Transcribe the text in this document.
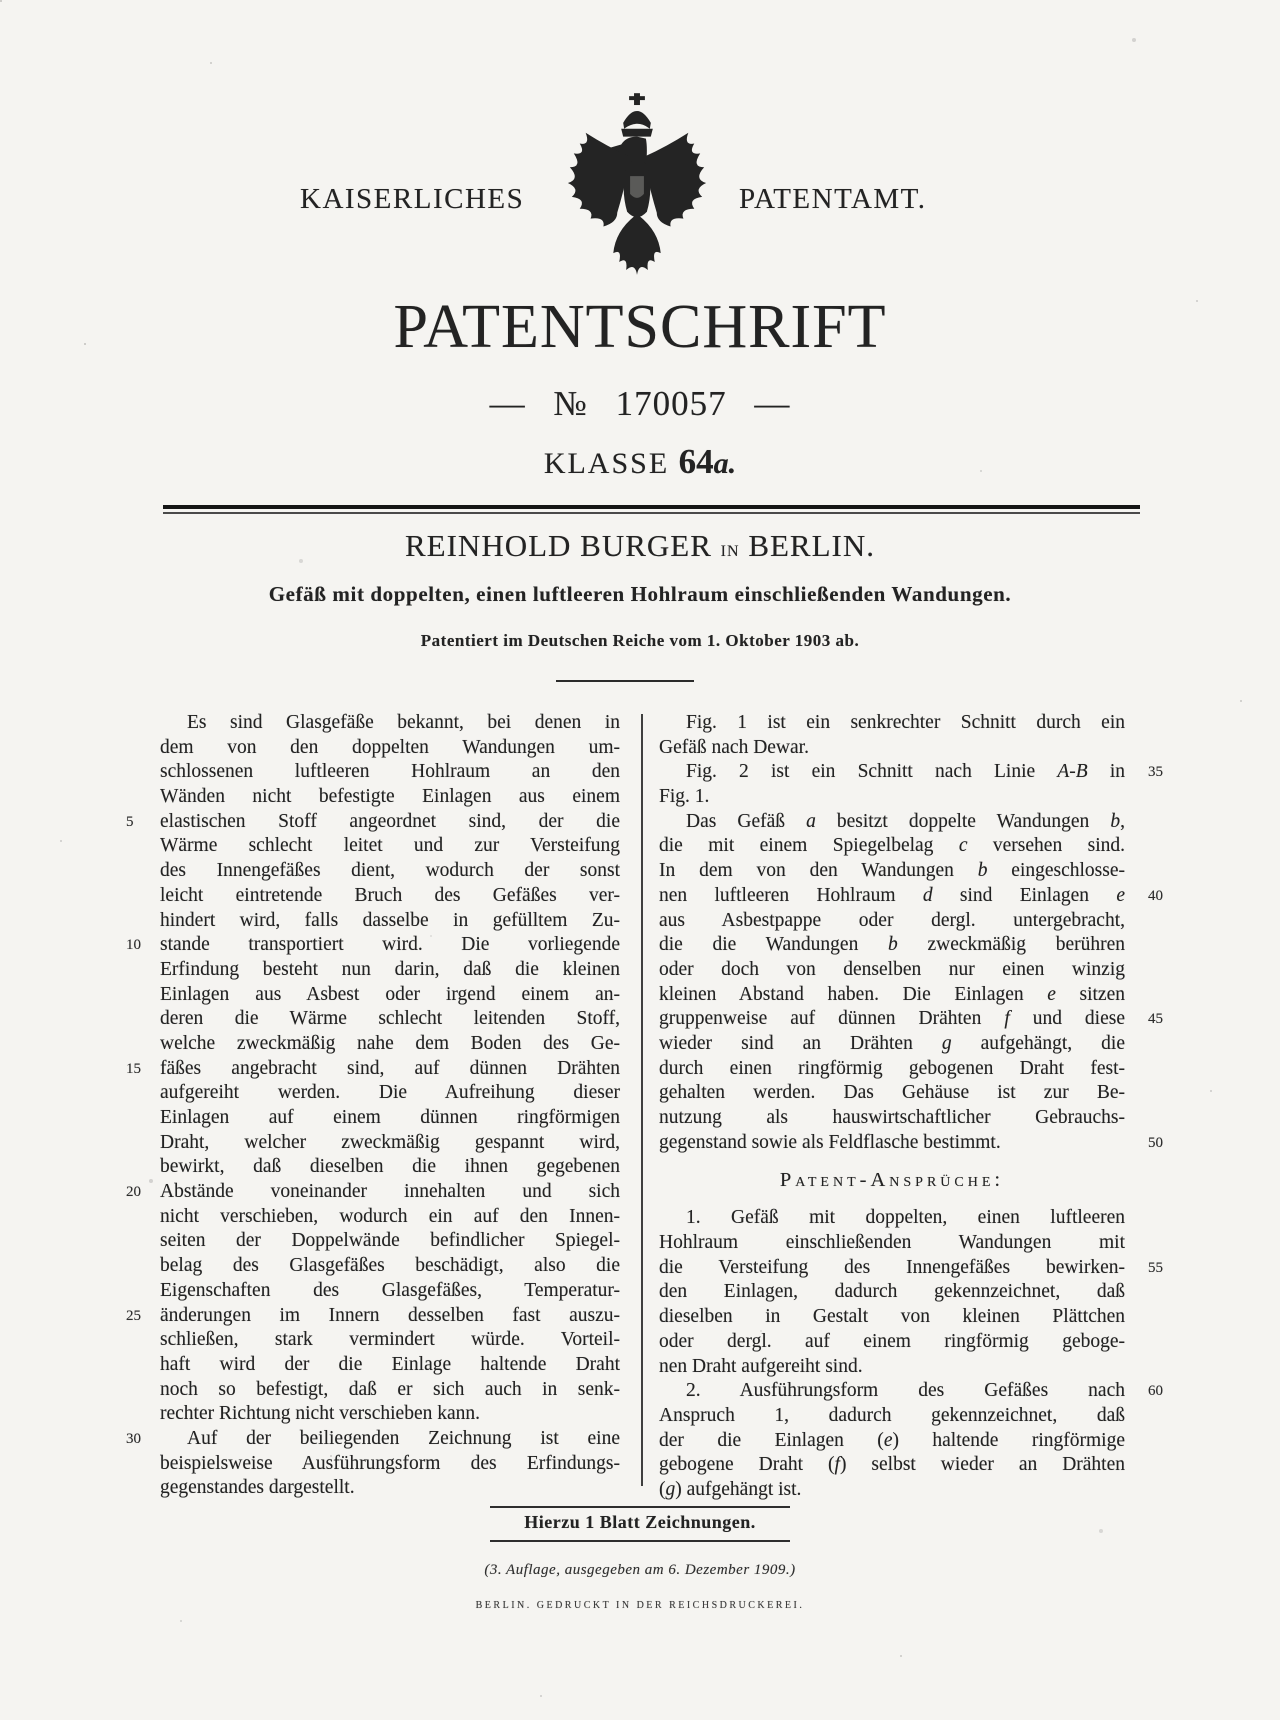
KAISERLICHES	PATENTAMT.
PATENTSCHRIFT
— № 170057 —
KLASSE 64a.
REINHOLD BURGER in BERLIN.
Gefäß mit doppelten, einen luftleeren Hohlraum einschließenden Wandungen.
Patentiert im Deutschen Reiche vom 1. Oktober 1903 ab.
Es sind Glasgefäße bekannt, bei denen in
dem von den doppelten Wandungen um-
schlossenen luftleeren Hohlraum an den
Wänden nicht befestigte Einlagen aus einem
elastischen Stoff angeordnet sind, der die
5
Wärme schlecht leitet und zur Versteifung
des Innengefäßes dient, wodurch der sonst
leicht eintretende Bruch des Gefäßes ver-
hindert wird, falls dasselbe in gefülltem Zu-
stande transportiert wird. Die vorliegende
10
Erfindung besteht nun darin, daß die kleinen
Einlagen aus Asbest oder irgend einem an-
deren die Wärme schlecht leitenden Stoff,
welche zweckmäßig nahe dem Boden des Ge-
fäßes angebracht sind, auf dünnen Drähten
15
aufgereiht werden. Die Aufreihung dieser
Einlagen auf einem dünnen ringförmigen
Draht, welcher zweckmäßig gespannt wird,
bewirkt, daß dieselben die ihnen gegebenen
Abstände voneinander innehalten und sich
20
nicht verschieben, wodurch ein auf den Innen-
seiten der Doppelwände befindlicher Spiegel-
belag des Glasgefäßes beschädigt, also die
Eigenschaften des Glasgefäßes, Temperatur-
änderungen im Innern desselben fast auszu-
25
schließen, stark vermindert würde. Vorteil-
haft wird der die Einlage haltende Draht
noch so befestigt, daß er sich auch in senk-
rechter Richtung nicht verschieben kann.
Auf der beiliegenden Zeichnung ist eine
30
beispielsweise Ausführungsform des Erfindungs-
gegenstandes dargestellt.
Fig. 1 ist ein senkrechter Schnitt durch ein
Gefäß nach Dewar.
Fig. 2 ist ein Schnitt nach Linie A-B in 35
Fig. 1.
Das Gefäß a besitzt doppelte Wandungen b,
die mit einem Spiegelbelag c versehen sind.
In dem von den Wandungen b eingeschlosse-
nen luftleeren Hohlraum d sind Einlagen e 40
aus Asbestpappe oder dergl. untergebracht,
die die Wandungen b zweckmäßig berühren
oder doch von denselben nur einen winzig
kleinen Abstand haben. Die Einlagen e sitzen
gruppenweise auf dünnen Drähten f und diese 45
wieder sind an Drähten g aufgehängt, die
durch einen ringförmig gebogenen Draht fest-
gehalten werden. Das Gehäuse ist zur Be-
nutzung als hauswirtschaftlicher Gebrauchs-
gegenstand sowie als Feldflasche bestimmt.	50
Patent-Ansprüche:
1. Gefäß mit doppelten, einen luftleeren
Hohlraum einschließenden Wandungen mit
die Versteifung des Innengefäßes bewirken- 55
den Einlagen, dadurch gekennzeichnet, daß
dieselben in Gestalt von kleinen Plättchen
oder dergl. auf einem ringförmig geboge-
nen Draht aufgereiht sind.
2. Ausführungsform des Gefäßes nach 60
Anspruch 1, dadurch gekennzeichnet, daß
der die Einlagen (e) haltende ringförmige
gebogene Draht (f) selbst wieder an Drähten
(g) aufgehängt ist.
Hierzu 1 Blatt Zeichnungen.
(3. Auflage, ausgegeben am 6. Dezember 1909.)
BERLIN. GEDRUCKT IN DER REICHSDRUCKEREI.
